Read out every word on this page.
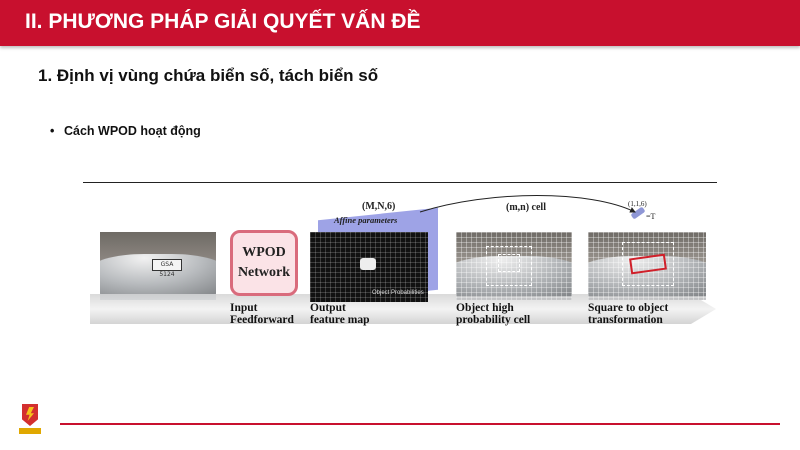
II. PHƯƠNG PHÁP GIẢI QUYẾT VẤN ĐỀ
1. Định vị vùng chứa biển số, tách biển số
• Cách WPOD hoạt động
GSA 5124
WPOD
Network
Affine parameters
(M,N,6)
Object Probabilities
(m,n) cell	(1,1,6)
=T
Input
Feedforward
Output
feature map
Object high
probability cell
Square to object
transformation
